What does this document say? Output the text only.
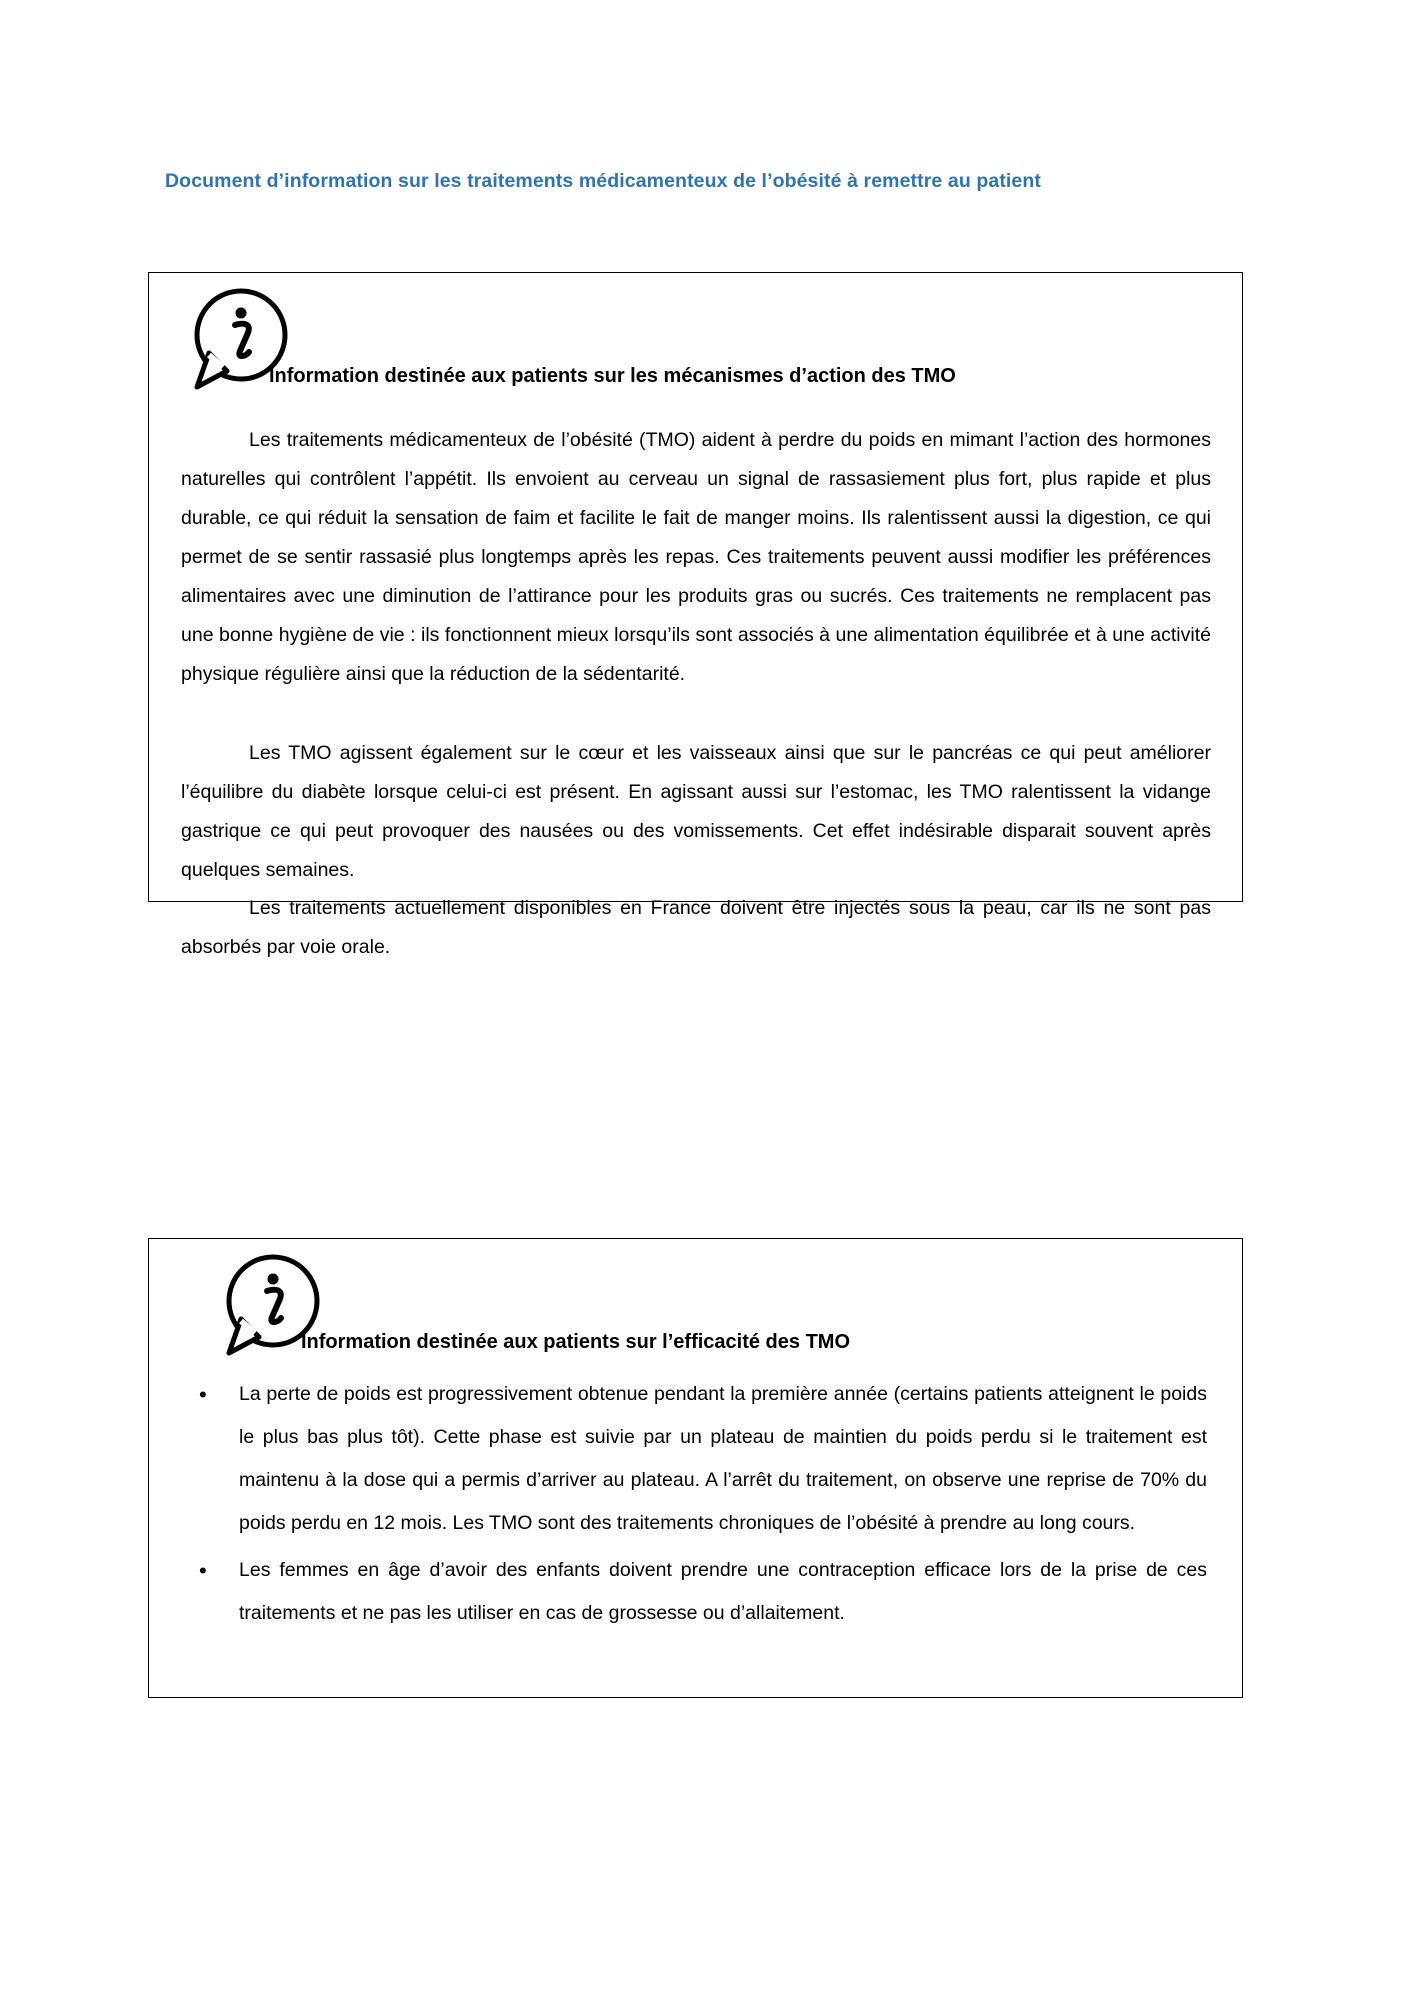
Document d’information sur les traitements médicamenteux de l’obésité à remettre au patient
Information destinée aux patients sur les mécanismes d’action des TMO
Les traitements médicamenteux de l’obésité (TMO) aident à perdre du poids en mimant l’action des hormones naturelles qui contrôlent l’appétit. Ils envoient au cerveau un signal de rassasiement plus fort, plus rapide et plus durable, ce qui réduit la sensation de faim et facilite le fait de manger moins. Ils ralentissent aussi la digestion, ce qui permet de se sentir rassasié plus longtemps après les repas. Ces traitements peuvent aussi modifier les préférences alimentaires avec une diminution de l’attirance pour les produits gras ou sucrés. Ces traitements ne remplacent pas une bonne hygiène de vie : ils fonctionnent mieux lorsqu’ils sont associés à une alimentation équilibrée et à une activité physique régulière ainsi que la réduction de la sédentarité.
Les TMO agissent également sur le cœur et les vaisseaux ainsi que sur le pancréas ce qui peut améliorer l’équilibre du diabète lorsque celui-ci est présent. En agissant aussi sur l’estomac, les TMO ralentissent la vidange gastrique ce qui peut provoquer des nausées ou des vomissements. Cet effet indésirable disparait souvent après quelques semaines.
Les traitements actuellement disponibles en France doivent être injectés sous la peau, car ils ne sont pas absorbés par voie orale.
Information destinée aux patients sur l’efficacité des TMO
• La perte de poids est progressivement obtenue pendant la première année (certains patients atteignent le poids le plus bas plus tôt). Cette phase est suivie par un plateau de maintien du poids perdu si le traitement est maintenu à la dose qui a permis d’arriver au plateau. A l’arrêt du traitement, on observe une reprise de 70% du poids perdu en 12 mois. Les TMO sont des traitements chroniques de l’obésité à prendre au long cours.
• Les femmes en âge d’avoir des enfants doivent prendre une contraception efficace lors de la prise de ces traitements et ne pas les utiliser en cas de grossesse ou d’allaitement.
